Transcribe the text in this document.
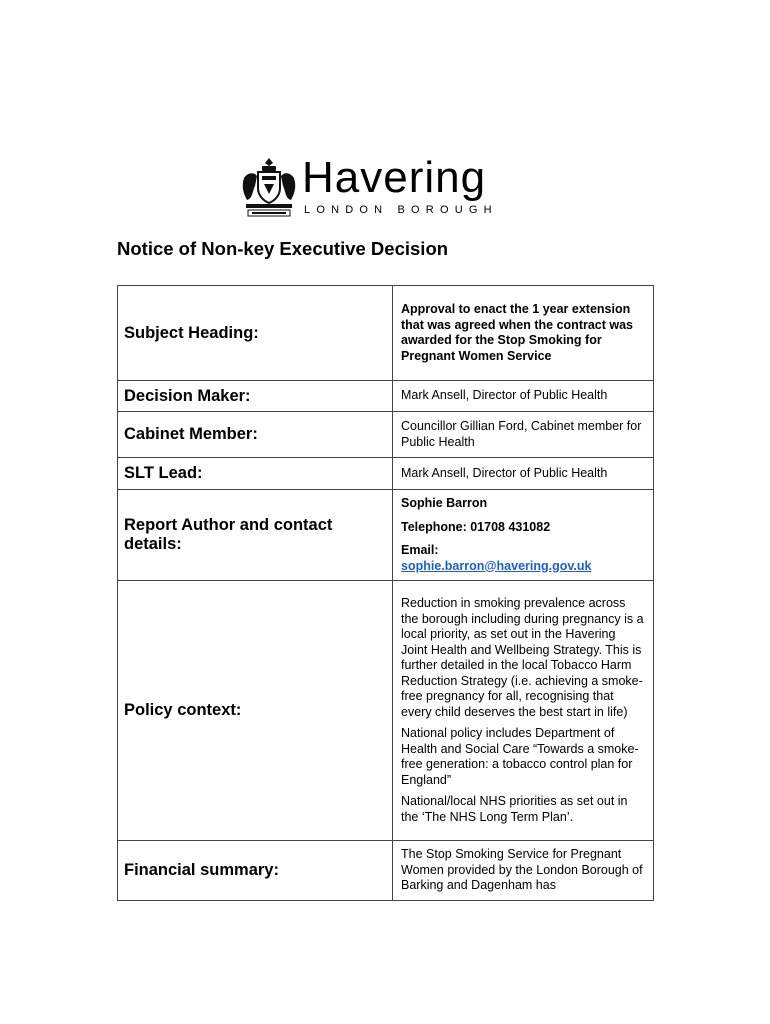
Havering
LONDON BOROUGH
Notice of Non-key Executive Decision
Subject Heading:	Approval to enact the 1 year extension that was agreed when the contract was awarded for the Stop Smoking for Pregnant Women Service
Decision Maker:	Mark Ansell, Director of Public Health
Cabinet Member:	Councillor Gillian Ford, Cabinet member for Public Health
SLT Lead:	Mark Ansell, Director of Public Health
Report Author and contact details:	Sophie Barron

Telephone: 01708 431082

Email:

sophie.barron@havering.gov.uk

Policy context:	Reduction in smoking prevalence across the borough including during pregnancy is a local priority, as set out in the Havering Joint Health and Wellbeing Strategy. This is further detailed in the local Tobacco Harm Reduction Strategy (i.e. achieving a smoke-free pregnancy for all, recognising that every child deserves the best start in life)

National policy includes Department of Health and Social Care “Towards a smoke-free generation: a tobacco control plan for England”

National/local NHS priorities as set out in the ‘The NHS Long Term Plan’.

Financial summary:	The Stop Smoking Service for Pregnant Women provided by the London Borough of Barking and Dagenham has
